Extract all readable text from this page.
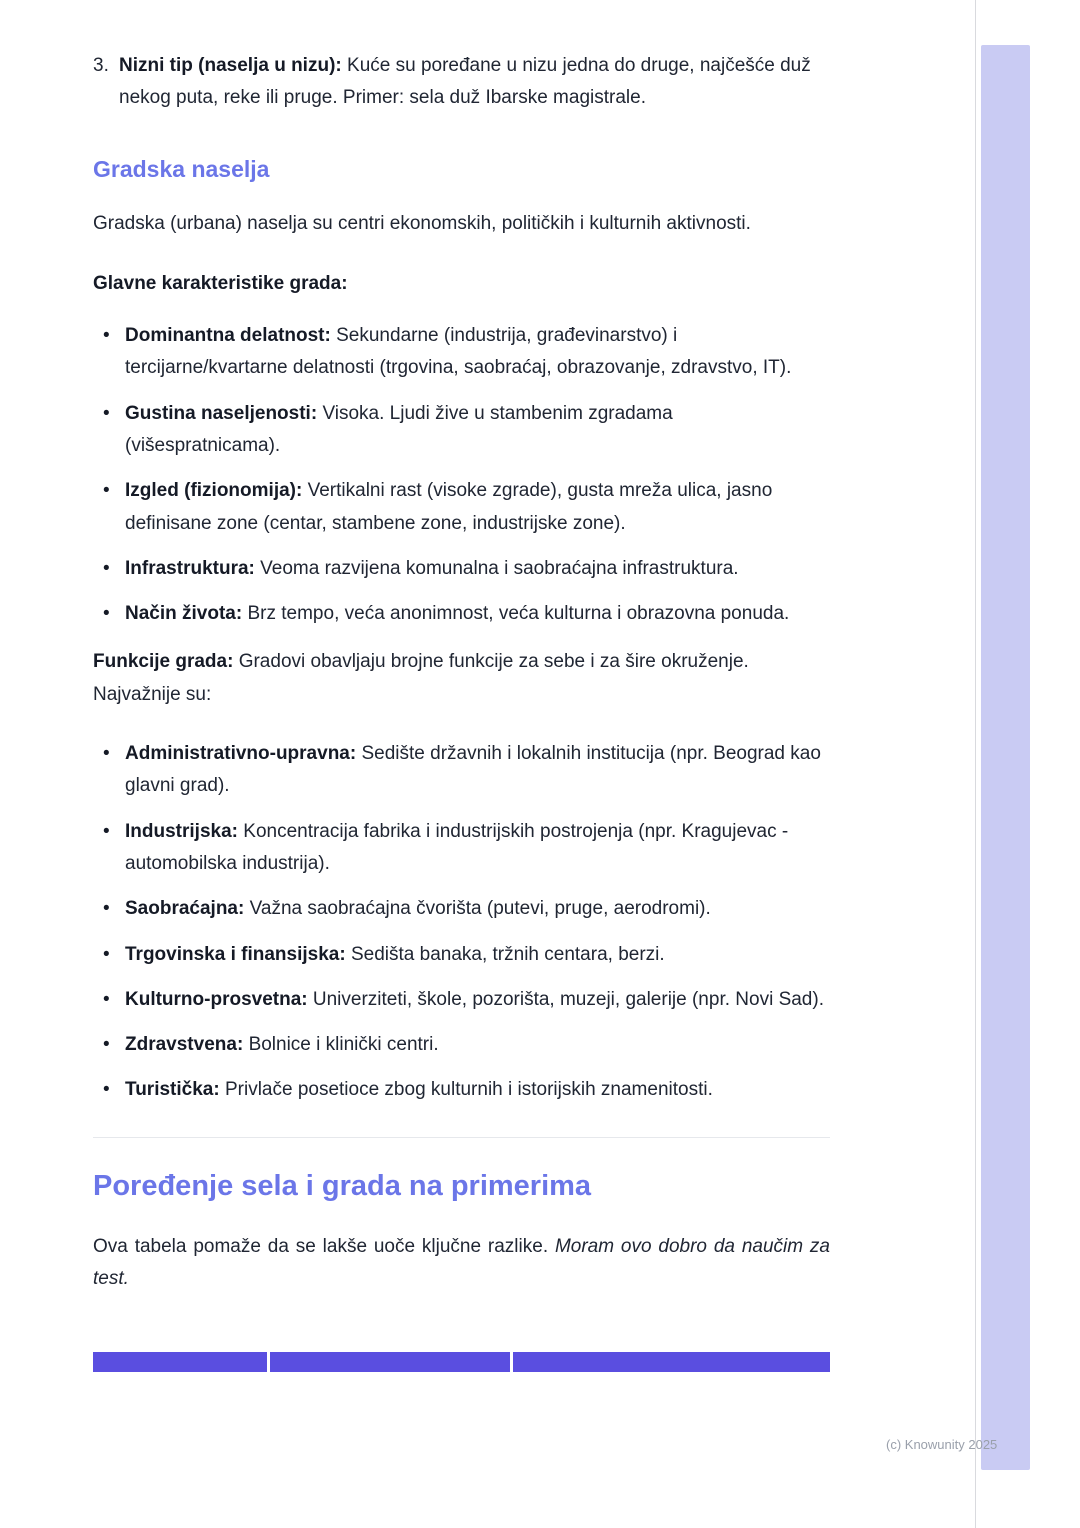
3. Nizni tip (naselja u nizu): Kuće su poređane u nizu jedna do druge, najčešće duž nekog puta, reke ili pruge. Primer: sela duž Ibarske magistrale.
Gradska naselja

Gradska (urbana) naselja su centri ekonomskih, političkih i kulturnih aktivnosti.

Glavne karakteristike grada:

• Dominantna delatnost: Sekundarne (industrija, građevinarstvo) i tercijarne/kvartarne delatnosti (trgovina, saobraćaj, obrazovanje, zdravstvo, IT).
• Gustina naseljenosti: Visoka. Ljudi žive u stambenim zgradama (višespratnicama).
• Izgled (fizionomija): Vertikalni rast (visoke zgrade), gusta mreža ulica, jasno definisane zone (centar, stambene zone, industrijske zone).
• Infrastruktura: Veoma razvijena komunalna i saobraćajna infrastruktura.
• Način života: Brz tempo, veća anonimnost, veća kulturna i obrazovna ponuda.

Funkcije grada: Gradovi obavljaju brojne funkcije za sebe i za šire okruženje. Najvažnije su:

• Administrativno-upravna: Sedište državnih i lokalnih institucija (npr. Beograd kao glavni grad).
• Industrijska: Koncentracija fabrika i industrijskih postrojenja (npr. Kragujevac - automobilska industrija).
• Saobraćajna: Važna saobraćajna čvorišta (putevi, pruge, aerodromi).
• Trgovinska i finansijska: Sedišta banaka, tržnih centara, berzi.
• Kulturno-prosvetna: Univerziteti, škole, pozorišta, muzeji, galerije (npr. Novi Sad).
• Zdravstvena: Bolnice i klinički centri.
• Turistička: Privlače posetioce zbog kulturnih i istorijskih znamenitosti.
Poređenje sela i grada na primerima

Ova tabela pomaže da se lakše uoče ključne razlike. Moram ovo dobro da naučim za test.

(c) Knowunity 2025
